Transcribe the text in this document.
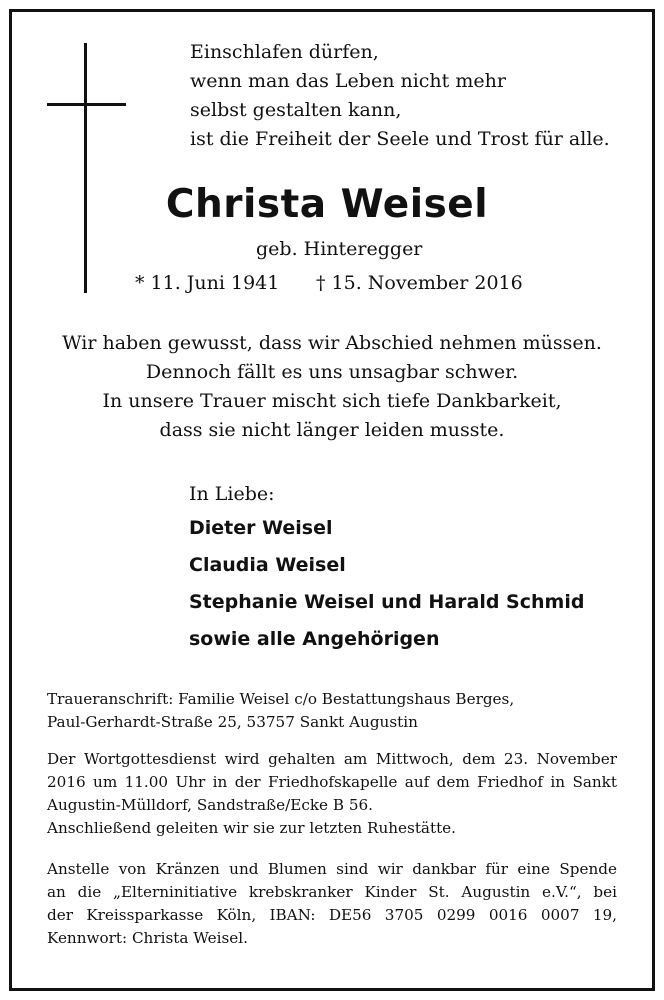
Einschlafen dürfen,
wenn man das Leben nicht mehr
selbst gestalten kann,
ist die Freiheit der Seele und Trost für alle.
Christa Weisel
geb. Hinteregger
* 11. Juni 1941 † 15. November 2016
Wir haben gewusst, dass wir Abschied nehmen müssen.
Dennoch fällt es uns unsagbar schwer.
In unsere Trauer mischt sich tiefe Dankbarkeit,
dass sie nicht länger leiden musste.
In Liebe:
Dieter Weisel
Claudia Weisel
Stephanie Weisel und Harald Schmid
sowie alle Angehörigen
Traueranschrift: Familie Weisel c/o Bestattungshaus Berges,
Paul-Gerhardt-Straße 25, 53757 Sankt Augustin
Der Wortgottesdienst wird gehalten am Mittwoch, dem 23. November
2016 um 11.00 Uhr in der Friedhofskapelle auf dem Friedhof in Sankt
Augustin-Mülldorf, Sandstraße/Ecke B 56.
Anschließend geleiten wir sie zur letzten Ruhestätte.
Anstelle von Kränzen und Blumen sind wir dankbar für eine Spende
an die „Elterninitiative krebskranker Kinder St. Augustin e.V.“, bei
der Kreissparkasse Köln, IBAN: DE56 3705 0299 0016 0007 19,
Kennwort: Christa Weisel.
